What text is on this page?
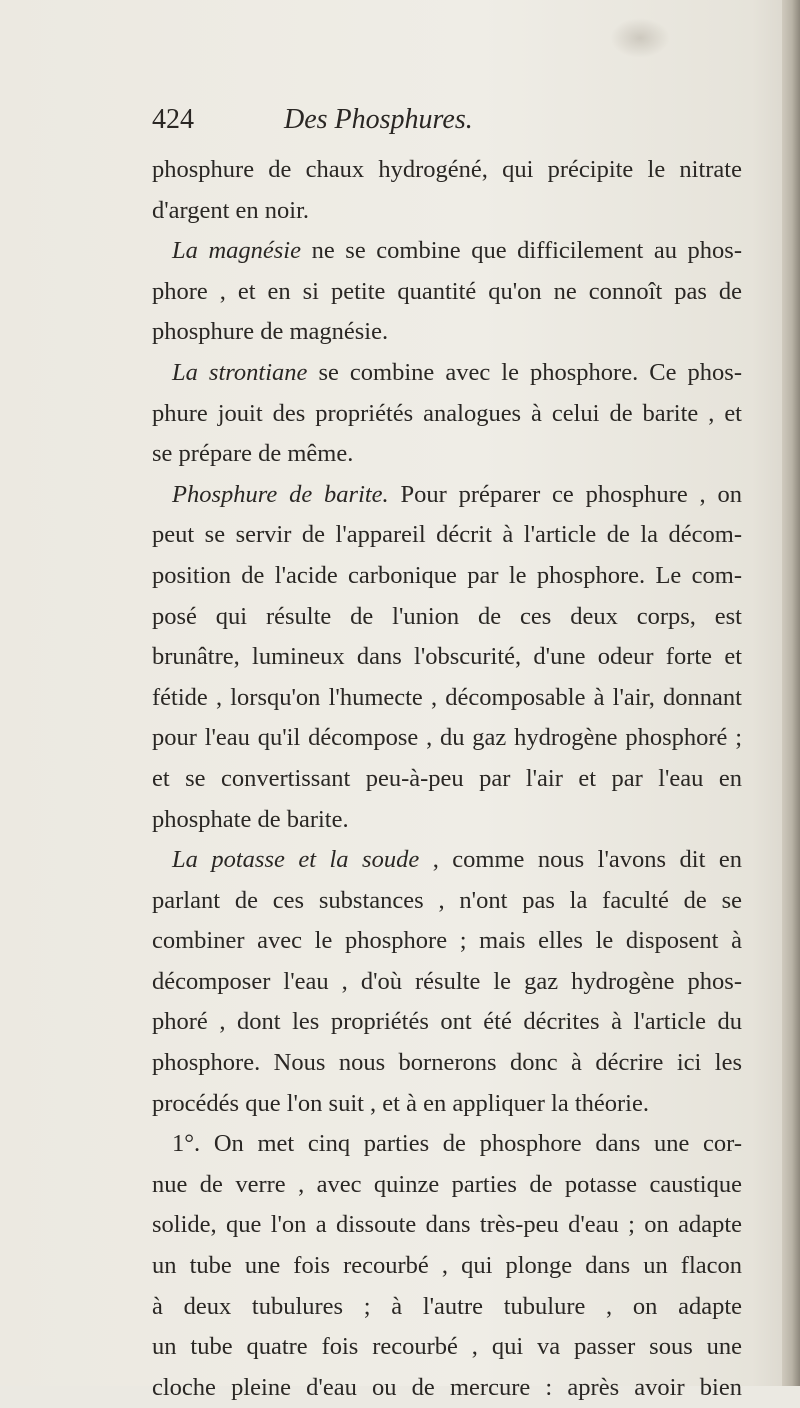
424	Des Phosphures.
phosphure de chaux hydrogéné, qui précipite le nitrate
d'argent en noir.
La magnésie ne se combine que difficilement au phos-
phore , et en si petite quantité qu'on ne connoît pas de
phosphure de magnésie.
La strontiane se combine avec le phosphore. Ce phos-
phure jouit des propriétés analogues à celui de barite , et
se prépare de même.
Phosphure de barite. Pour préparer ce phosphure , on
peut se servir de l'appareil décrit à l'article de la décom-
position de l'acide carbonique par le phosphore. Le com-
posé qui résulte de l'union de ces deux corps, est
brunâtre, lumineux dans l'obscurité, d'une odeur forte et
fétide , lorsqu'on l'humecte , décomposable à l'air, donnant
pour l'eau qu'il décompose , du gaz hydrogène phosphoré ;
et se convertissant peu-à-peu par l'air et par l'eau en
phosphate de barite.
La potasse et la soude , comme nous l'avons dit en
parlant de ces substances , n'ont pas la faculté de se
combiner avec le phosphore ; mais elles le disposent à
décomposer l'eau , d'où résulte le gaz hydrogène phos-
phoré , dont les propriétés ont été décrites à l'article du
phosphore. Nous nous bornerons donc à décrire ici les
procédés que l'on suit , et à en appliquer la théorie.
1°. On met cinq parties de phosphore dans une cor-
nue de verre , avec quinze parties de potasse caustique
solide, que l'on a dissoute dans très-peu d'eau ; on adapte
un tube une fois recourbé , qui plonge dans un flacon
à deux tubulures ; à l'autre tubulure , on adapte
un tube quatre fois recourbé , qui va passer sous une
cloche pleine d'eau ou de mercure : après avoir bien
